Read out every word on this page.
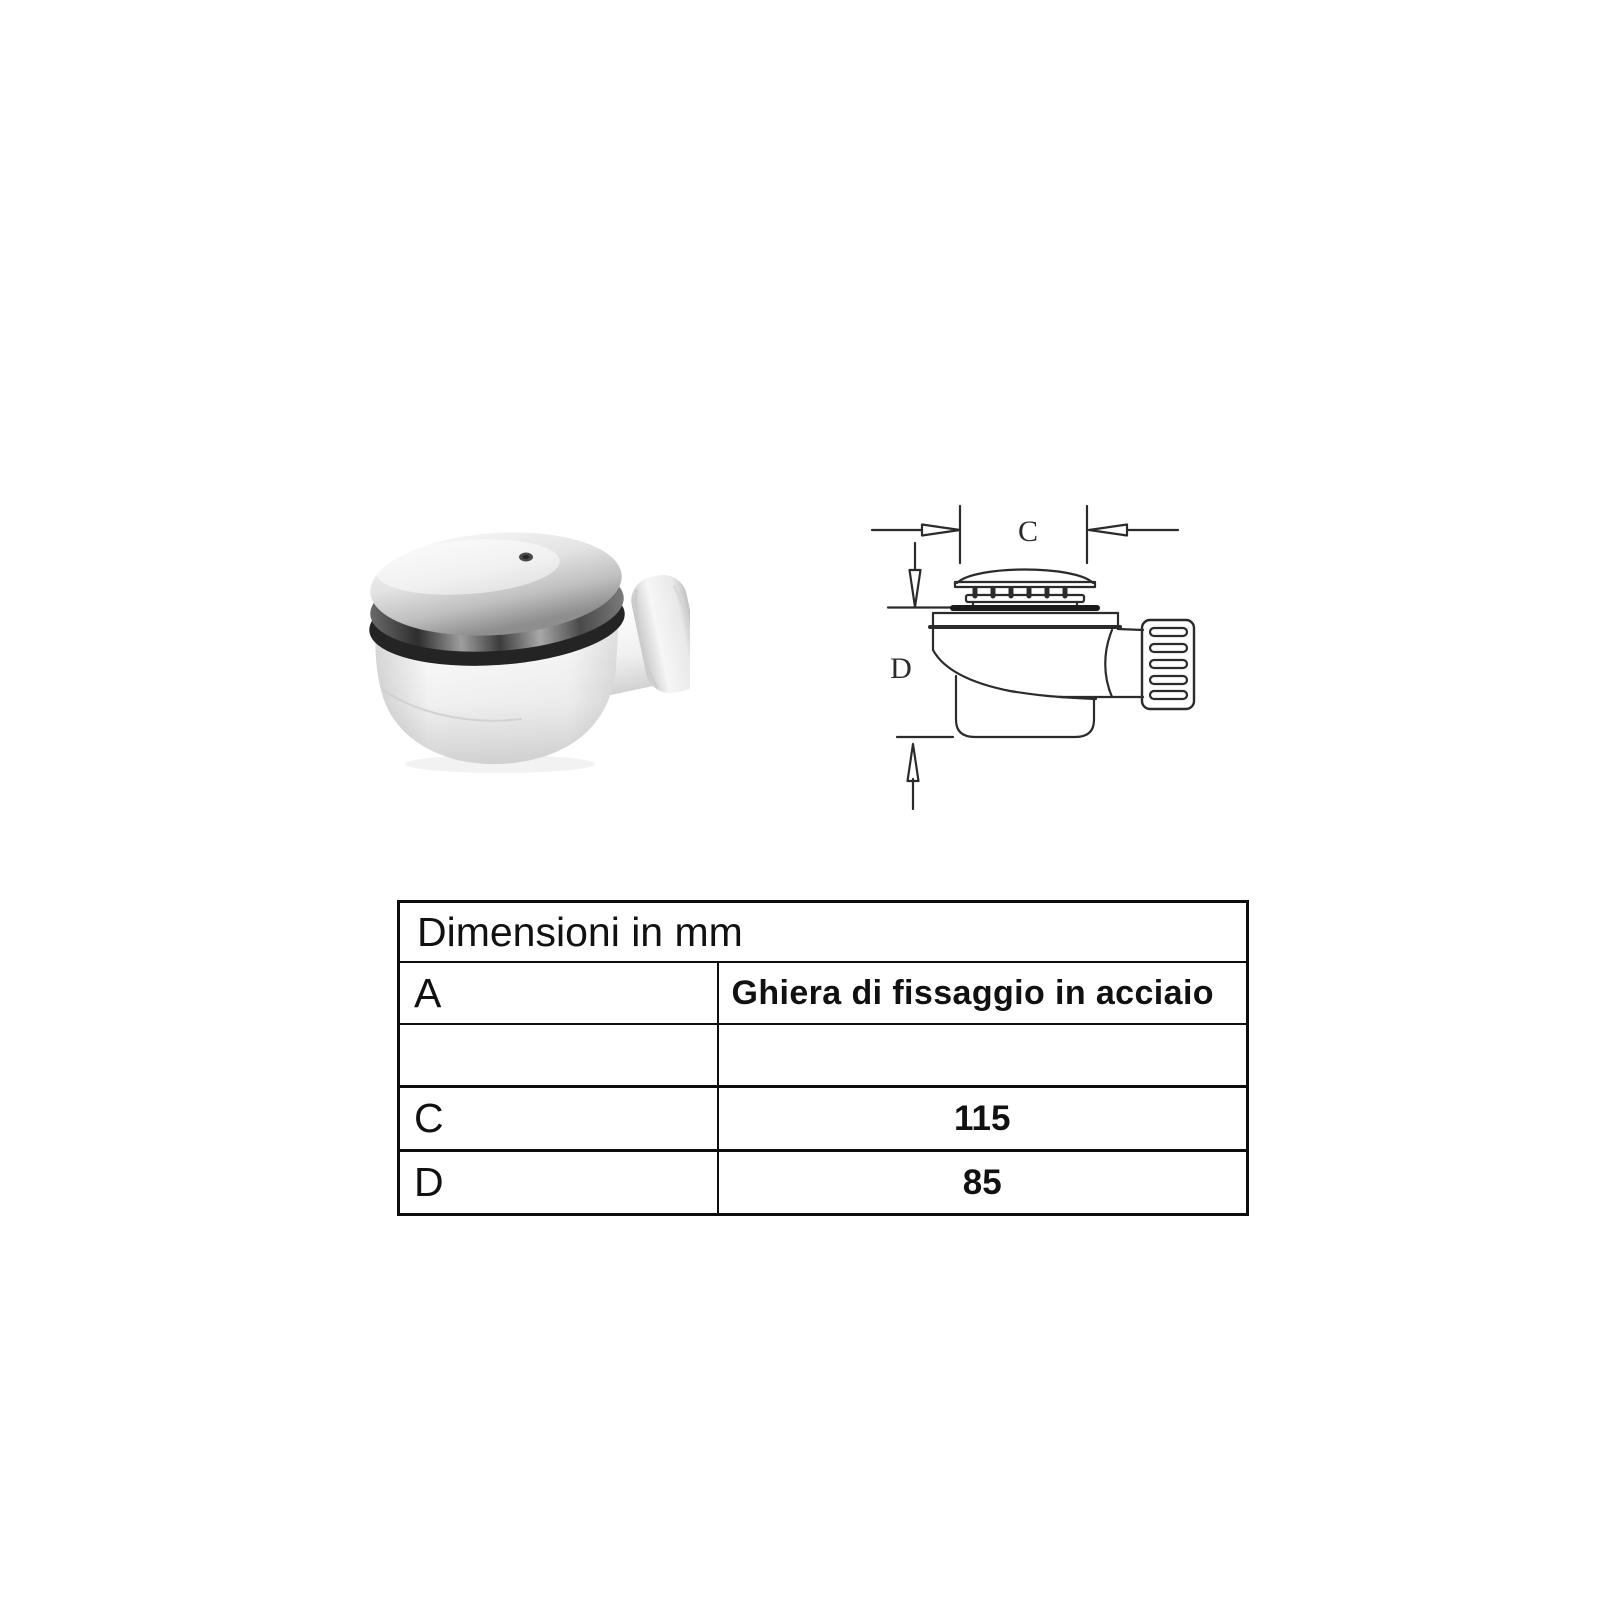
C
D
Dimensioni in mm	
A	Ghiera di fissaggio in acciaio

C	115
D	85
